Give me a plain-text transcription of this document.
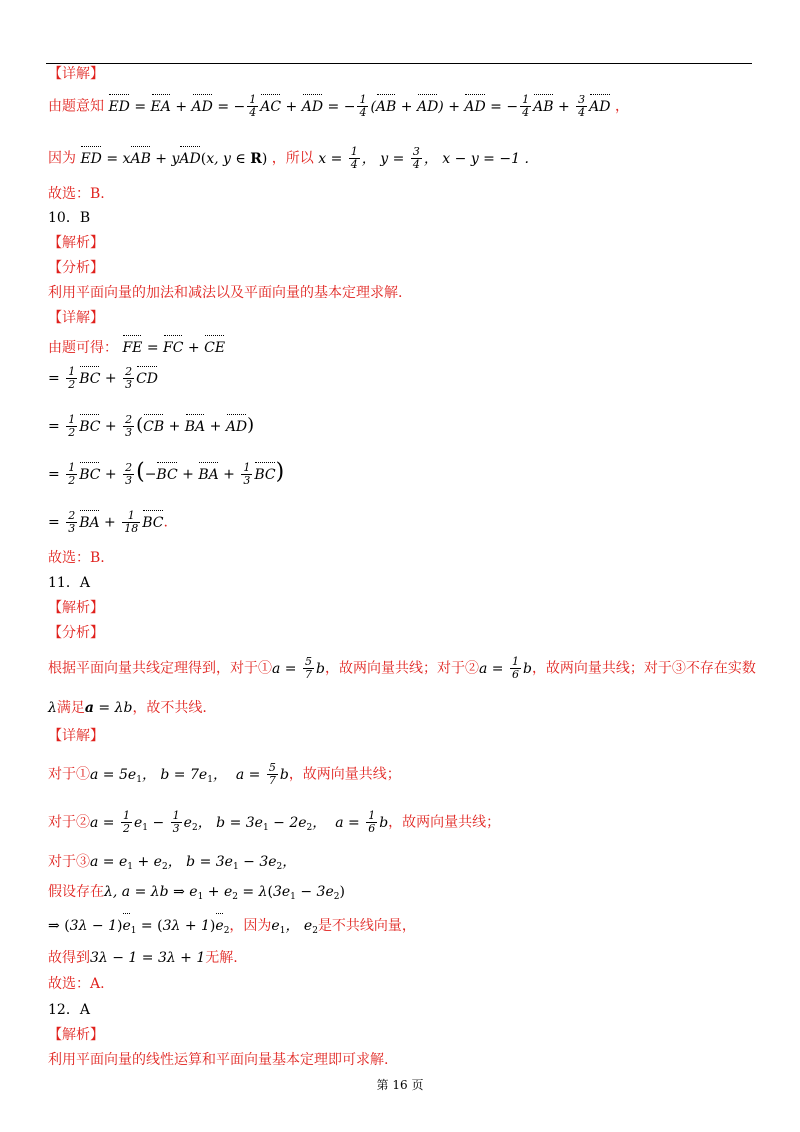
【详解】
由题意知 ED = EA + AD = − $\frac{1}{4}$ AC + AD = − $\frac{1}{4} (AB + AD)$ + AD = − $\frac{1}{4}$ AB + $\frac{3}{4}$ AD ，
因为 ED = xAB + yAD(x, y ∈ R) ，所以 $x = \frac{1}{4}$ ， $y = \frac{3}{4}$ ， x − y = −1 .
故选：B.
10．B
【解析】
【分析】
利用平面向量的加法和减法以及平面向量的基本定理求解.
【详解】
由题可得： FE = FC + CE
= $\frac{1}{2}$ BC + $\frac{2}{3}$ CD
= $\frac{1}{2}$ BC + $\frac{2}{3} (CB$ + BA + AD)
= $\frac{1}{2}$ BC + $\frac{2}{3} (-BC$ + BA + $\frac{1}{3} BC$)
= $\frac{2}{3}$ BA + $\frac{1}{18}$ BC.
故选：B.
11．A
【解析】
【分析】
根据平面向量共线定理得到，对于①a = $\frac{5}{7}$ b，故两向量共线；对于②a = $\frac{1}{6}$ b，故两向量共线；对于③不存在实数
λ满足a = λb，故不共线.
【详解】
对于①a = $5e_1$， $b = 7e_1$，  $a = \frac{5}{7}$ b，故两向量共线；
对于②a = $\frac{1}{2} e_1 - \frac{1}{3} e_2$， $b = 3e_1 - 2e_2$，  $a = \frac{1}{6}$ b，故两向量共线；
对于③a = $e_1 + e_2$， $b = 3e_1 - 3e_2$，
假设存在λ, a = λb ⇒ $e_1 + e_2 = \lambda(3e_1 - 3e_2)$
⇒ $(3\lambda - 1)e_1 = (3\lambda + 1)e_2$，因为$e_1$， $e_2$是不共线向量，
故得到3λ − 1 = 3λ + 1无解.
故选：A.
12．A
【解析】
利用平面向量的线性运算和平面向量基本定理即可求解.
第 16 页
